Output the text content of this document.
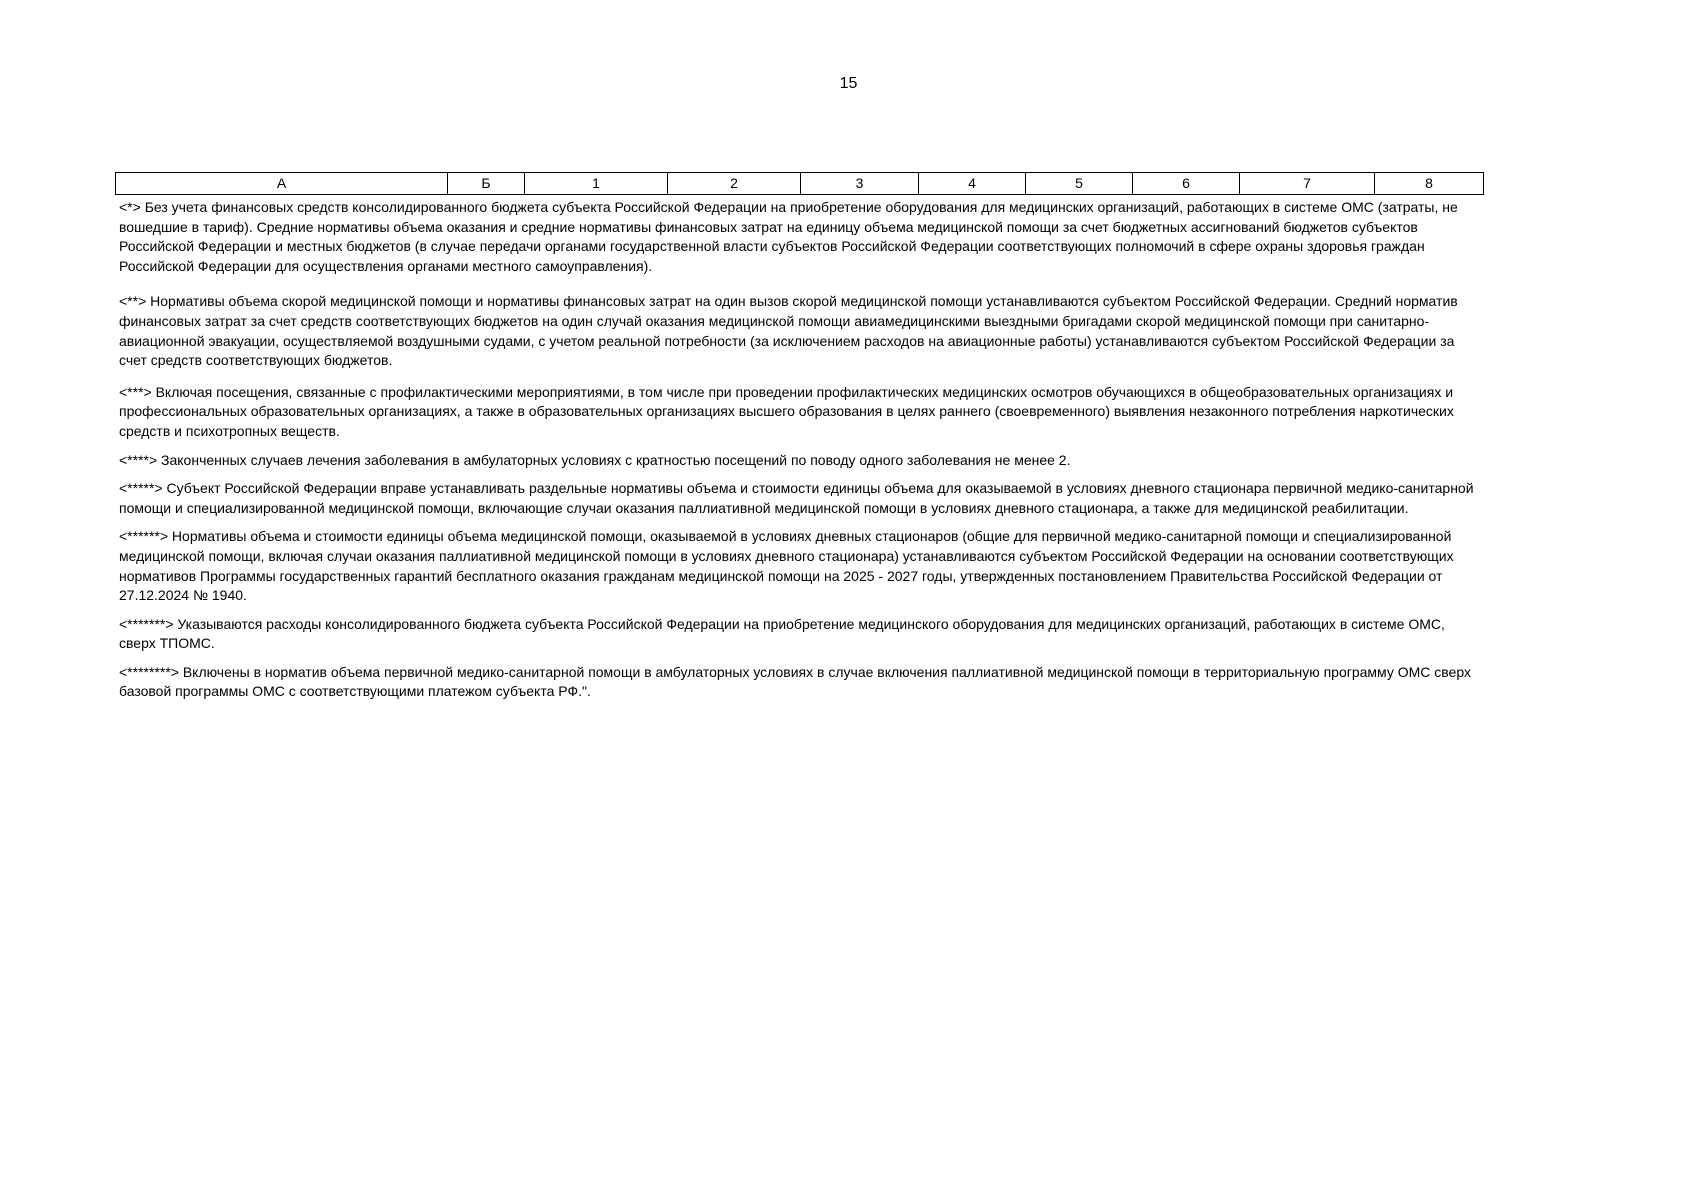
15
А	Б	1	2	3	4	5	6	7	8

<*> Без учета финансовых средств консолидированного бюджета субъекта Российской Федерации на приобретение оборудования для медицинских организаций, работающих в системе ОМС (затраты, не вошедшие в тариф). Средние нормативы объема оказания и средние нормативы финансовых затрат на единицу объема медицинской помощи за счет бюджетных ассигнований бюджетов субъектов Российской Федерации и местных бюджетов (в случае передачи органами государственной власти субъектов Российской Федерации соответствующих полномочий в сфере охраны здоровья граждан Российской Федерации для осуществления органами местного самоуправления).

<**> Нормативы объема скорой медицинской помощи и нормативы финансовых затрат на один вызов скорой медицинской помощи устанавливаются субъектом Российской Федерации. Средний норматив финансовых затрат за счет средств соответствующих бюджетов на один случай оказания медицинской помощи авиамедицинскими выездными бригадами скорой медицинской помощи при санитарно-авиационной эвакуации, осуществляемой воздушными судами, с учетом реальной потребности (за исключением расходов на авиационные работы) устанавливаются субъектом Российской Федерации за счет средств соответствующих бюджетов.

<***> Включая посещения, связанные с профилактическими мероприятиями, в том числе при проведении профилактических медицинских осмотров обучающихся в общеобразовательных организациях и профессиональных образовательных организациях, а также в образовательных организациях высшего образования в целях раннего (своевременного) выявления незаконного потребления наркотических средств и психотропных веществ.

<****> Законченных случаев лечения заболевания в амбулаторных условиях с кратностью посещений по поводу одного заболевания не менее 2.

<*****> Субъект Российской Федерации вправе устанавливать раздельные нормативы объема и стоимости единицы объема для оказываемой в условиях дневного стационара первичной медико-санитарной помощи и специализированной медицинской помощи, включающие случаи оказания паллиативной медицинской помощи в условиях дневного стационара, а также для медицинской реабилитации.

<******> Нормативы объема и стоимости единицы объема медицинской помощи, оказываемой в условиях дневных стационаров (общие для первичной медико-санитарной помощи и специализированной медицинской помощи, включая случаи оказания паллиативной медицинской помощи в условиях дневного стационара) устанавливаются субъектом Российской Федерации на основании соответствующих нормативов Программы государственных гарантий бесплатного оказания гражданам медицинской помощи на 2025 - 2027 годы, утвержденных постановлением Правительства Российской Федерации от 27.12.2024 № 1940.

<*******> Указываются расходы консолидированного бюджета субъекта Российской Федерации на приобретение медицинского оборудования для медицинских организаций, работающих в системе ОМС, сверх ТПОМС.

<********> Включены в норматив объема первичной медико-санитарной помощи в амбулаторных условиях в случае включения паллиативной медицинской помощи в территориальную программу ОМС сверх базовой программы ОМС с соответствующими платежом субъекта РФ.".
